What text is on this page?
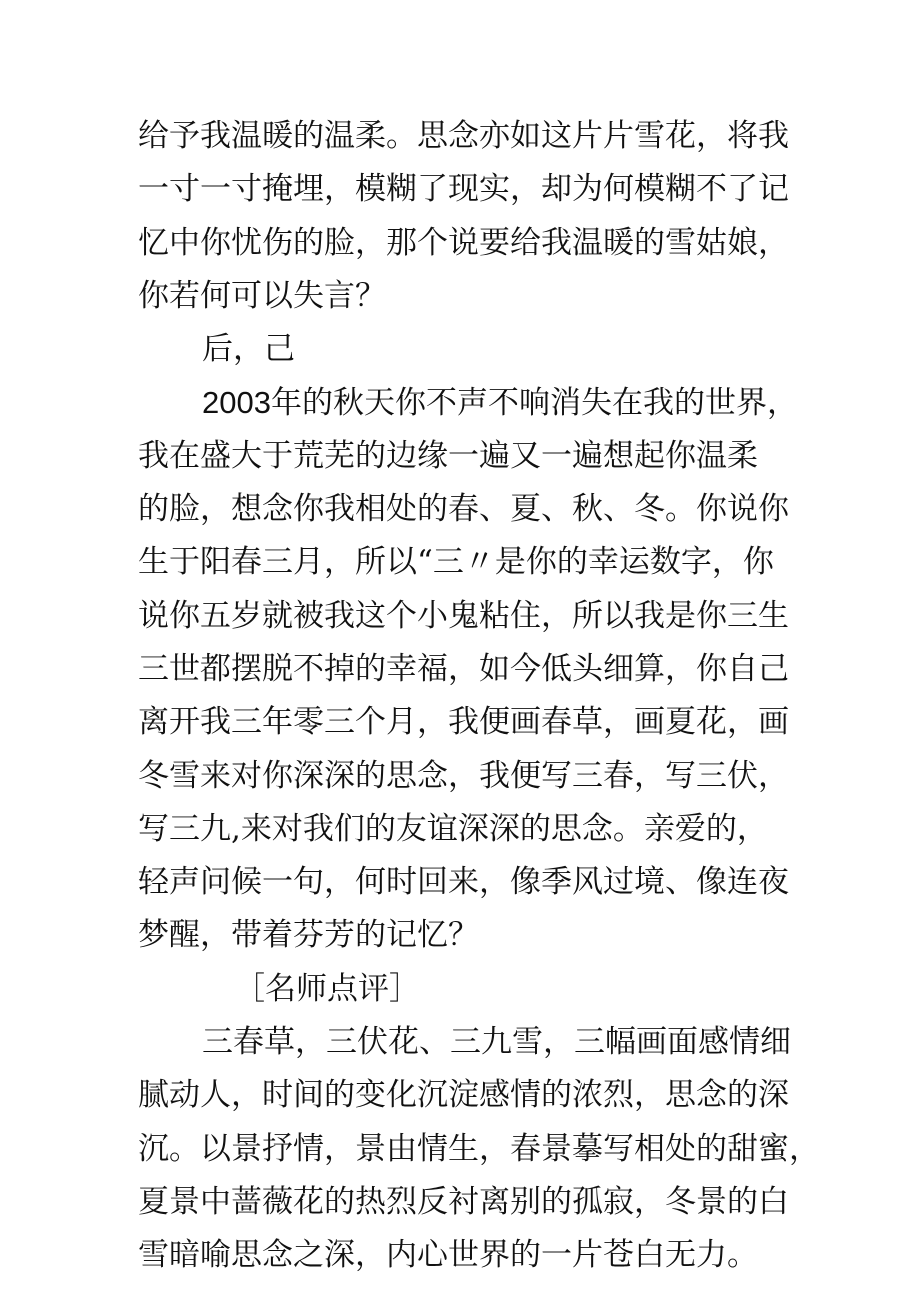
给予我温暖的温柔。思念亦如这片片雪花，将我
一寸一寸掩埋，模糊了现实，却为何模糊不了记
忆中你忧伤的脸，那个说要给我温暖的雪姑娘，
你若何可以失言？
后，己
2003年的秋天你不声不响消失在我的世界，
我在盛大于荒芜的边缘一遍又一遍想起你温柔
的脸，想念你我相处的春、夏、秋、冬。你说你
生于阳春三月，所以“三〃是你的幸运数字，你
说你五岁就被我这个小鬼粘住，所以我是你三生
三世都摆脱不掉的幸福，如今低头细算，你自己
离开我三年零三个月，我便画春草，画夏花，画
冬雪来对你深深的思念，我便写三春，写三伏，
写三九,来对我们的友谊深深的思念。亲爱的，
轻声问候一句，何时回来，像季风过境、像连夜
梦醒，带着芬芳的记忆？
［名师点评］
三春草，三伏花、三九雪，三幅画面感情细
腻动人，时间的变化沉淀感情的浓烈，思念的深
沉。以景抒情，景由情生，春景摹写相处的甜蜜，
夏景中蔷薇花的热烈反衬离别的孤寂，冬景的白
雪暗喻思念之深，内心世界的一片苍白无力。
